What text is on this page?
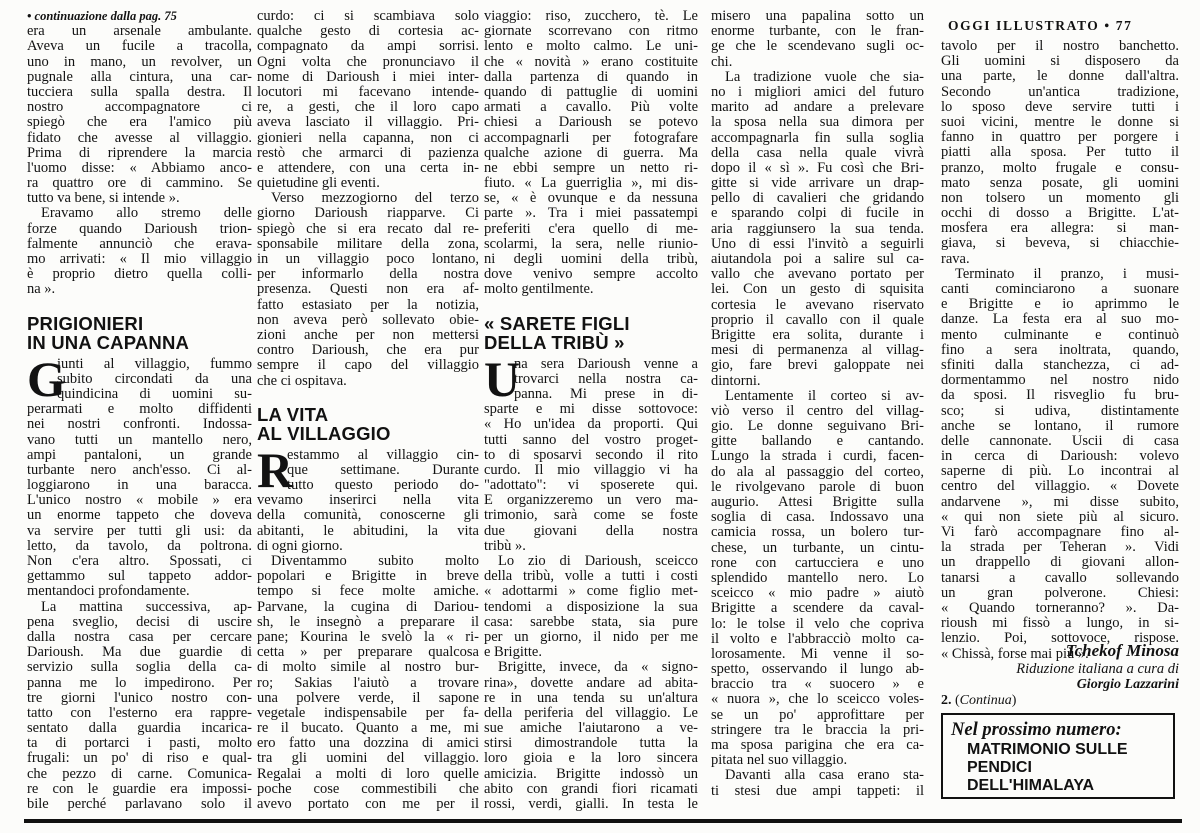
OGGI ILLUSTRATO • 77
• continuazione dalla pag. 75
era un arsenale ambulante.
Aveva un fucile a tracolla,
uno in mano, un revolver, un
pugnale alla cintura, una car-
tucciera sulla spalla destra. Il
nostro accompagnatore ci
spiegò che era l'amico più
fidato che avesse al villaggio.
Prima di riprendere la marcia
l'uomo disse: « Abbiamo anco-
ra quattro ore di cammino. Se
tutto va bene, si intende ».
Eravamo allo stremo delle
forze quando Darioush trion-
falmente annunciò che erava-
mo arrivati: « Il mio villaggio
è proprio dietro quella colli-
na ».
PRIGIONIERI
IN UNA CAPANNA
G
iunti al villaggio, fummo
subito circondati da una
quindicina di uomini su-
perarmati e molto diffidenti
nei nostri confronti. Indossa-
vano tutti un mantello nero,
ampi pantaloni, un grande
turbante nero anch'esso. Ci al-
loggiarono in una baracca.
L'unico nostro « mobile » era
un enorme tappeto che doveva
va servire per tutti gli usi: da
letto, da tavolo, da poltrona.
Non c'era altro. Spossati, ci
gettammo sul tappeto addor-
mentandoci profondamente.
La mattina successiva, ap-
pena sveglio, decisi di uscire
dalla nostra casa per cercare
Darioush. Ma due guardie di
servizio sulla soglia della ca-
panna me lo impedirono. Per
tre giorni l'unico nostro con-
tatto con l'esterno era rappre-
sentato dalla guardia incarica-
ta di portarci i pasti, molto
frugali: un po' di riso e qual-
che pezzo di carne. Comunica-
re con le guardie era impossi-
bile perché parlavano solo il
curdo: ci si scambiava solo
qualche gesto di cortesia ac-
compagnato da ampi sorrisi.
Ogni volta che pronunciavo il
nome di Darioush i miei inter-
locutori mi facevano intende-
re, a gesti, che il loro capo
aveva lasciato il villaggio. Pri-
gionieri nella capanna, non ci
restò che armarci di pazienza
e attendere, con una certa in-
quietudine gli eventi.
Verso mezzogiorno del terzo
giorno Darioush riapparve. Ci
spiegò che si era recato dal re-
sponsabile militare della zona,
in un villaggio poco lontano,
per informarlo della nostra
presenza. Questi non era af-
fatto estasiato per la notizia,
non aveva però sollevato obie-
zioni anche per non mettersi
contro Darioush, che era pur
sempre il capo del villaggio
che ci ospitava.
LA VITA
AL VILLAGGIO
R
estammo al villaggio cin-
que settimane. Durante
tutto questo periodo do-
vevamo inserirci nella vita
della comunità, conoscerne gli
abitanti, le abitudini, la vita
di ogni giorno.
Diventammo subito molto
popolari e Brigitte in breve
tempo si fece molte amiche.
Parvane, la cugina di Dariou-
sh, le insegnò a preparare il
pane; Kourina le svelò la « ri-
cetta » per preparare qualcosa
di molto simile al nostro bur-
ro; Sakias l'aiutò a trovare
una polvere verde, il sapone
vegetale indispensabile per fa-
re il bucato. Quanto a me, mi
ero fatto una dozzina di amici
tra gli uomini del villaggio.
Regalai a molti di loro quelle
poche cose commestibili che
avevo portato con me per il
viaggio: riso, zucchero, tè. Le
giornate scorrevano con ritmo
lento e molto calmo. Le uni-
che « novità » erano costituite
dalla partenza di quando in
quando di pattuglie di uomini
armati a cavallo. Più volte
chiesi a Darioush se potevo
accompagnarli per fotografare
qualche azione di guerra. Ma
ne ebbi sempre un netto ri-
fiuto. « La guerriglia », mi dis-
se, « è ovunque e da nessuna
parte ». Tra i miei passatempi
preferiti c'era quello di me-
scolarmi, la sera, nelle riunio-
ni degli uomini della tribù,
dove venivo sempre accolto
molto gentilmente.
« SARETE FIGLI
DELLA TRIBÙ »
U
na sera Darioush venne a
trovarci nella nostra ca-
panna. Mi prese in di-
sparte e mi disse sottovoce:
« Ho un'idea da proporti. Qui
tutti sanno del vostro proget-
to di sposarvi secondo il rito
curdo. Il mio villaggio vi ha
"adottato": vi sposerete qui.
E organizzeremo un vero ma-
trimonio, sarà come se foste
due giovani della nostra
tribù ».
Lo zio di Darioush, sceicco
della tribù, volle a tutti i costi
« adottarmi » come figlio met-
tendomi a disposizione la sua
casa: sarebbe stata, sia pure
per un giorno, il nido per me
e Brigitte.
Brigitte, invece, da « signo-
rina», dovette andare ad abita-
re in una tenda su un'altura
della periferia del villaggio. Le
sue amiche l'aiutarono a ve-
stirsi dimostrandole tutta la
loro gioia e la loro sincera
amicizia. Brigitte indossò un
abito con grandi fiori ricamati
rossi, verdi, gialli. In testa le
misero una papalina sotto un
enorme turbante, con le fran-
ge che le scendevano sugli oc-
chi.
La tradizione vuole che sia-
no i migliori amici del futuro
marito ad andare a prelevare
la sposa nella sua dimora per
accompagnarla fin sulla soglia
della casa nella quale vivrà
dopo il « sì ». Fu così che Bri-
gitte si vide arrivare un drap-
pello di cavalieri che gridando
e sparando colpi di fucile in
aria raggiunsero la sua tenda.
Uno di essi l'invitò a seguirli
aiutandola poi a salire sul ca-
vallo che avevano portato per
lei. Con un gesto di squisita
cortesia le avevano riservato
proprio il cavallo con il quale
Brigitte era solita, durante i
mesi di permanenza al villag-
gio, fare brevi galoppate nei
dintorni.
Lentamente il corteo si av-
viò verso il centro del villag-
gio. Le donne seguivano Bri-
gitte ballando e cantando.
Lungo la strada i curdi, facen-
do ala al passaggio del corteo,
le rivolgevano parole di buon
augurio. Attesi Brigitte sulla
soglia di casa. Indossavo una
camicia rossa, un bolero tur-
chese, un turbante, un cintu-
rone con cartucciera e uno
splendido mantello nero. Lo
sceicco « mio padre » aiutò
Brigitte a scendere da caval-
lo: le tolse il velo che copriva
il volto e l'abbracciò molto ca-
lorosamente. Mi venne il so-
spetto, osservando il lungo ab-
braccio tra « suocero » e
« nuora », che lo sceicco voles-
se un po' approfittare per
stringere tra le braccia la pri-
ma sposa parigina che era ca-
pitata nel suo villaggio.
Davanti alla casa erano sta-
ti stesi due ampi tappeti: il
tavolo per il nostro banchetto.
Gli uomini si disposero da
una parte, le donne dall'altra.
Secondo un'antica tradizione,
lo sposo deve servire tutti i
suoi vicini, mentre le donne si
fanno in quattro per porgere i
piatti alla sposa. Per tutto il
pranzo, molto frugale e consu-
mato senza posate, gli uomini
non tolsero un momento gli
occhi di dosso a Brigitte. L'at-
mosfera era allegra: si man-
giava, si beveva, si chiacchie-
rava.
Terminato il pranzo, i musi-
canti cominciarono a suonare
e Brigitte e io aprimmo le
danze. La festa era al suo mo-
mento culminante e continuò
fino a sera inoltrata, quando,
sfiniti dalla stanchezza, ci ad-
dormentammo nel nostro nido
da sposi. Il risveglio fu bru-
sco; si udiva, distintamente
anche se lontano, il rumore
delle cannonate. Uscii di casa
in cerca di Darioush: volevo
saperne di più. Lo incontrai al
centro del villaggio. « Dovete
andarvene », mi disse subito,
« qui non siete più al sicuro.
Vi farò accompagnare fino al-
la strada per Teheran ». Vidi
un drappello di giovani allon-
tanarsi a cavallo sollevando
un gran polverone. Chiesi:
« Quando torneranno? ». Da-
rioush mi fissò a lungo, in si-
lenzio. Poi, sottovoce, rispose.
« Chissà, forse mai più ».
Tchekof Minosa
Riduzione italiana a cura di
Giorgio Lazzarini
2. (Continua)
Nel prossimo numero:
MATRIMONIO SULLE
PENDICI
DELL'HIMALAYA
